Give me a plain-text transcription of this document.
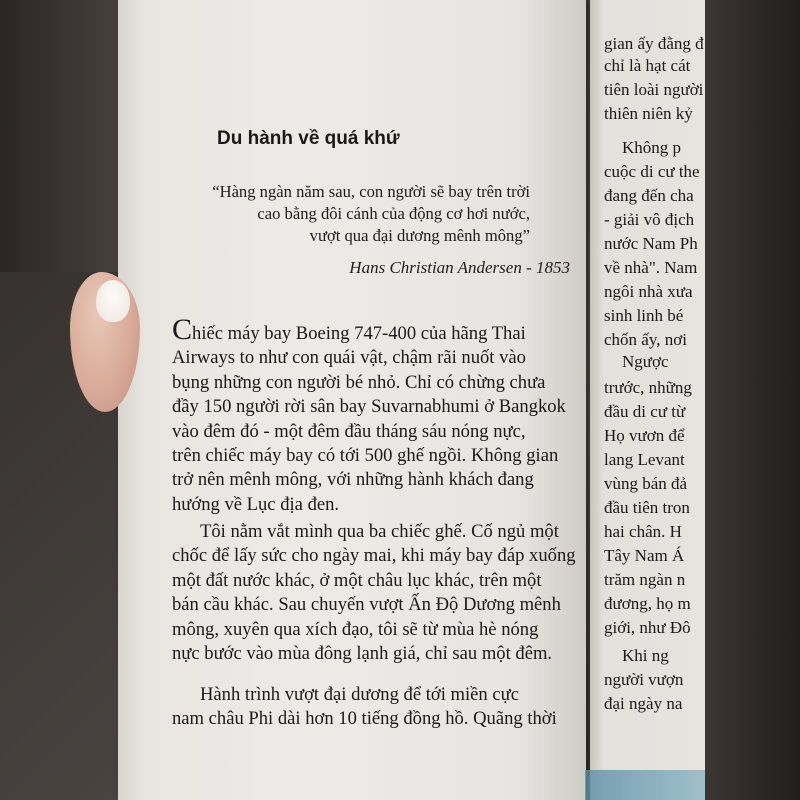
Du hành về quá khứ
“Hàng ngàn năm sau, con người sẽ bay trên trời
cao bằng đôi cánh của động cơ hơi nước,
vượt qua đại dương mênh mông”
Hans Christian Andersen - 1853
Chiếc máy bay Boeing 747-400 của hãng Thai
Airways to như con quái vật, chậm rãi nuốt vào
bụng những con người bé nhỏ. Chỉ có chừng chưa
đầy 150 người rời sân bay Suvarnabhumi ở Bangkok
vào đêm đó - một đêm đầu tháng sáu nóng nực,
trên chiếc máy bay có tới 500 ghế ngồi. Không gian
trở nên mênh mông, với những hành khách đang
hướng về Lục địa đen.
Tôi nằm vắt mình qua ba chiếc ghế. Cố ngủ một
chốc để lấy sức cho ngày mai, khi máy bay đáp xuống
một đất nước khác, ở một châu lục khác, trên một
bán cầu khác. Sau chuyến vượt Ấn Độ Dương mênh
mông, xuyên qua xích đạo, tôi sẽ từ mùa hè nóng
nực bước vào mùa đông lạnh giá, chỉ sau một đêm.
Hành trình vượt đại dương để tới miền cực
nam châu Phi dài hơn 10 tiếng đồng hồ. Quãng thời
gian ấy đằng đ
chỉ là hạt cát
tiên loài người
thiên niên kỷ
Không p
cuộc di cư the
đang đến cha
- giải vô địch
nước Nam Ph
về nhà". Nam
ngôi nhà xưa
sinh linh bé
chốn ấy, nơi
Ngược
trước, những
đầu di cư từ
Họ vươn để
lang Levant
vùng bán đả
đầu tiên tron
hai chân. H
Tây Nam Á
trăm ngàn n
đương, họ m
giới, như Đô
Khi ng
người vượn
đại ngày na
